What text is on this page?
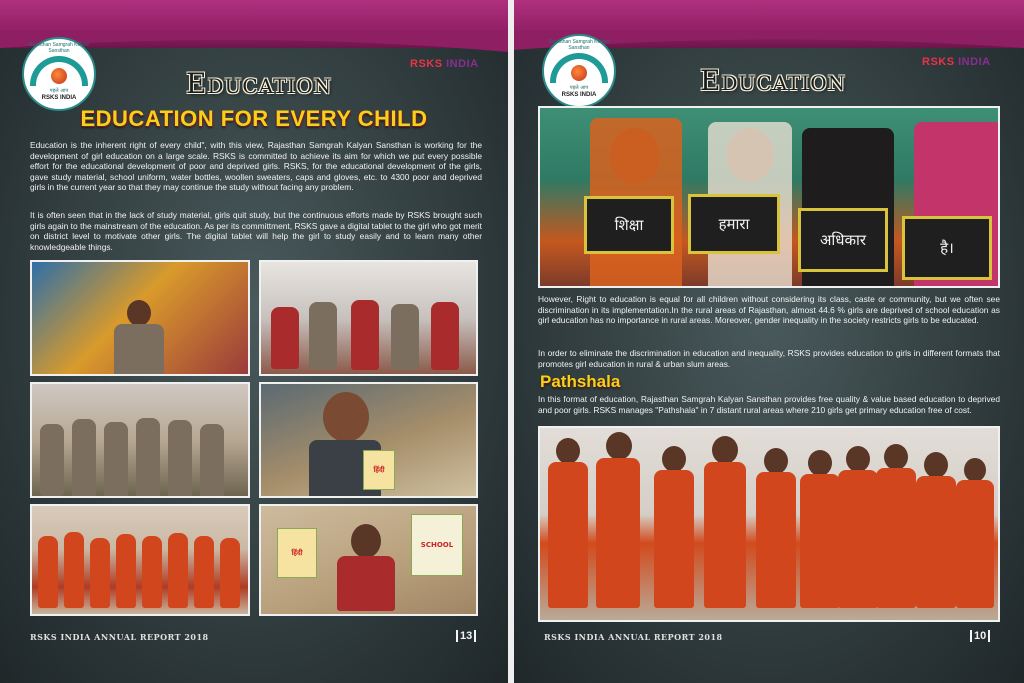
Rajasthan Samgrah Kalyan Sansthan
पहले आप
RSKS INDIA
RSKS INDIA
Education
EDUCATION FOR EVERY CHILD

Education is the inherent right of every child", with this view, Rajasthan Samgrah Kalyan Sansthan is working for the development of girl education on a large scale. RSKS is committed to achieve its aim for which we put every possible effort for the educational development of poor and deprived girls. RSKS, for the educational development of the girls, gave study material, school uniform, water bottles, woollen sweaters, caps and gloves, etc. to 4300 poor and deprived girls in the current year so that they may continue the study without facing any problem.

It is often seen that in the lack of study material, girls quit study, but the continuous efforts made by RSKS brought such girls again to the mainstream of the education. As per its committment, RSKS gave a digital tablet to the girl who got merit on district level to motivate other girls. The digital tablet will help the girl to study easily and to learn many other knowledgeable things.

हिंदी
हिंदी
SCHOOL
RSKS INDIA ANNUAL REPORT 2018	13
Rajasthan Samgrah Kalyan Sansthan
पहले आप
RSKS INDIA
RSKS INDIA
Education
शिक्षा	हमारा
अधिकार	है।

However, Right to education is equal for all children without considering its class, caste or community, but we often see discrimination in its implementation.In the rural areas of Rajasthan, almost 44.6 % girls are deprived of school education as girl education has no importance in rural areas. Moreover, gender inequality in the society restricts girls to be educated.

In order to eliminate the discrimination in education and inequality, RSKS provides education to girls in different formats that promotes girl education in rural & urban slum areas.

Pathshala

In this format of education, Rajasthan Samgrah Kalyan Sansthan provides free quality & value based education to deprived and poor girls. RSKS manages "Pathshala" in 7 distant rural areas where 210 girls get primary education free of cost.

RSKS INDIA ANNUAL REPORT 2018	10
